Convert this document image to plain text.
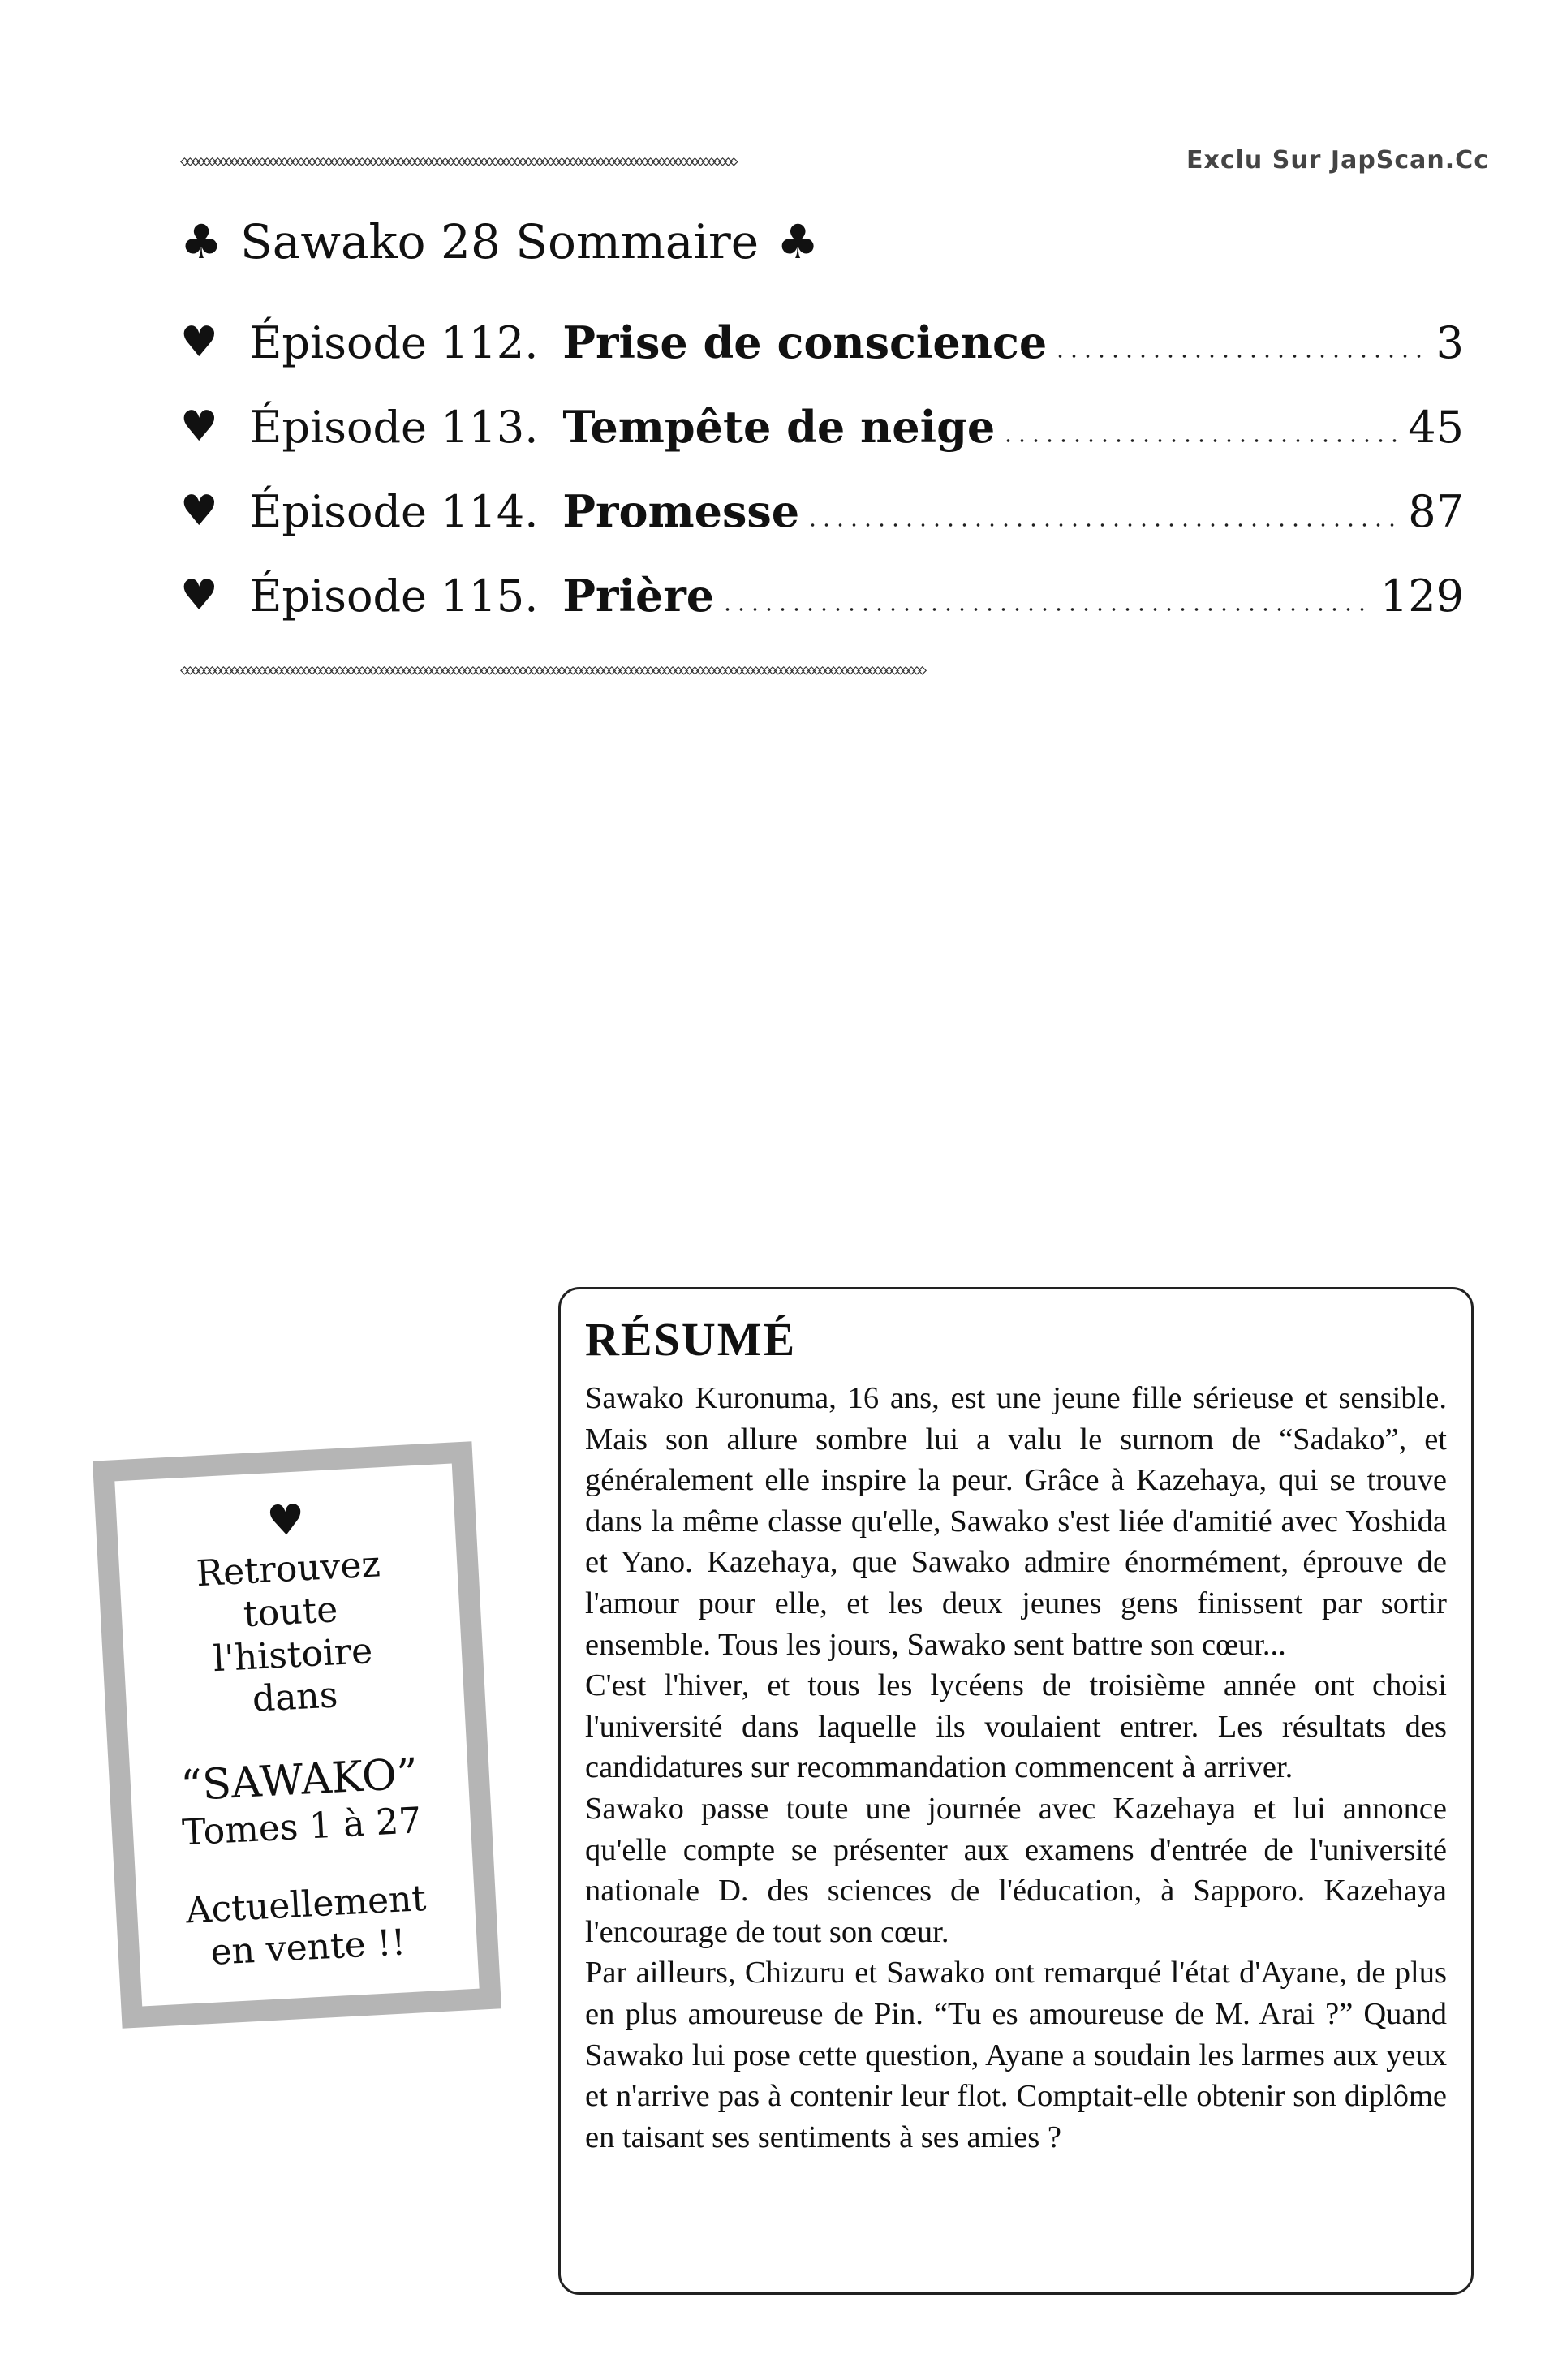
◇◇◇◇◇◇◇◇◇◇◇◇◇◇◇◇◇◇◇◇◇◇◇◇◇◇◇◇◇◇◇◇◇◇◇◇◇◇◇◇◇◇◇◇◇◇◇◇◇◇◇◇◇◇◇◇◇◇◇◇◇◇◇◇◇◇◇◇◇◇◇◇◇◇◇◇◇◇◇◇◇◇◇◇◇◇◇◇◇◇◇◇◇◇◇◇◇◇◇◇	Exclu Sur JapScan.Cc
♣ Sawako 28 Sommaire ♣
♥ Épisode 112. Prise de conscience	3
♥ Épisode 113. Tempête de neige	45
♥ Épisode 114. Promesse	87
♥ Épisode 115. Prière	129
◇◇◇◇◇◇◇◇◇◇◇◇◇◇◇◇◇◇◇◇◇◇◇◇◇◇◇◇◇◇◇◇◇◇◇◇◇◇◇◇◇◇◇◇◇◇◇◇◇◇◇◇◇◇◇◇◇◇◇◇◇◇◇◇◇◇◇◇◇◇◇◇◇◇◇◇◇◇◇◇◇◇◇◇◇◇◇◇◇◇◇◇◇◇◇◇◇◇◇◇◇◇◇◇◇◇◇◇◇◇◇◇◇◇◇◇◇◇◇◇◇◇◇◇◇◇◇◇◇◇◇◇◇◇
♥
Retrouvez
toute
l'histoire
dans
“SAWAKO”
Tomes 1 à 27
Actuellement
en vente !!
RÉSUMÉ

Sawako Kuronuma, 16 ans, est une jeune fille sérieuse et sensible. Mais son allure sombre lui a valu le surnom de “Sadako”, et généralement elle inspire la peur. Grâce à Kazehaya, qui se trouve dans la même classe qu'elle, Sawako s'est liée d'amitié avec Yoshida et Yano. Kazehaya, que Sawako admire énormément, éprouve de l'amour pour elle, et les deux jeunes gens finissent par sortir ensemble. Tous les jours, Sawako sent battre son cœur...

C'est l'hiver, et tous les lycéens de troisième année ont choisi l'université dans laquelle ils voulaient entrer. Les résultats des candidatures sur recommandation commencent à arriver.

Sawako passe toute une journée avec Kazehaya et lui annonce qu'elle compte se présenter aux examens d'entrée de l'université nationale D. des sciences de l'éducation, à Sapporo. Kazehaya l'encourage de tout son cœur.

Par ailleurs, Chizuru et Sawako ont remarqué l'état d'Ayane, de plus en plus amoureuse de Pin. “Tu es amoureuse de M. Arai ?” Quand Sawako lui pose cette question, Ayane a soudain les larmes aux yeux et n'arrive pas à contenir leur flot. Comptait-elle obtenir son diplôme en taisant ses sentiments à ses amies ?
